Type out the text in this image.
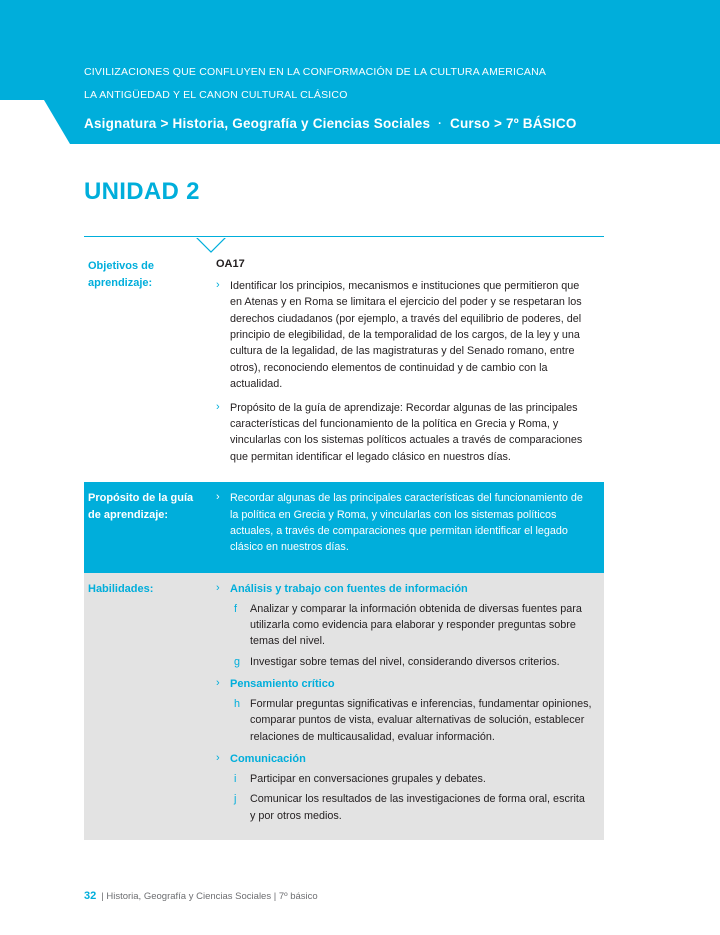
CIVILIZACIONES QUE CONFLUYEN EN LA CONFORMACIÓN DE LA CULTURA AMERICANA
LA ANTIGÜEDAD Y EL CANON CULTURAL CLÁSICO
Asignatura > Historia, Geografía y Ciencias Sociales · Curso > 7º BÁSICO
UNIDAD 2
Objetivos de aprendizaje:
OA17
› Identificar los principios, mecanismos e instituciones que permitieron que en Atenas y en Roma se limitara el ejercicio del poder y se respetaran los derechos ciudadanos (por ejemplo, a través del equilibrio de poderes, del principio de elegibilidad, de la temporalidad de los cargos, de la ley y una cultura de la legalidad, de las magistraturas y del Senado romano, entre otros), reconociendo elementos de continuidad y de cambio con la actualidad.
› Propósito de la guía de aprendizaje: Recordar algunas de las principales características del funcionamiento de la política en Grecia y Roma, y vincularlas con los sistemas políticos actuales a través de comparaciones que permitan identificar el legado clásico en nuestros días.
Propósito de la guía de aprendizaje:
› Recordar algunas de las principales características del funcionamiento de la política en Grecia y Roma, y vincularlas con los sistemas políticos actuales, a través de comparaciones que permitan identificar el legado clásico en nuestros días.
Habilidades:	› Análisis y trabajo con fuentes de información
f Analizar y comparar la información obtenida de diversas fuentes para utilizarla como evidencia para elaborar y responder preguntas sobre temas del nivel.
g Investigar sobre temas del nivel, considerando diversos criterios.
› Pensamiento crítico
h Formular preguntas significativas e inferencias, fundamentar opiniones, comparar puntos de vista, evaluar alternativas de solución, establecer relaciones de multicausalidad, evaluar información.
› Comunicación
i Participar en conversaciones grupales y debates.
j Comunicar los resultados de las investigaciones de forma oral, escrita y por otros medios.
32 | Historia, Geografía y Ciencias Sociales | 7º básico
